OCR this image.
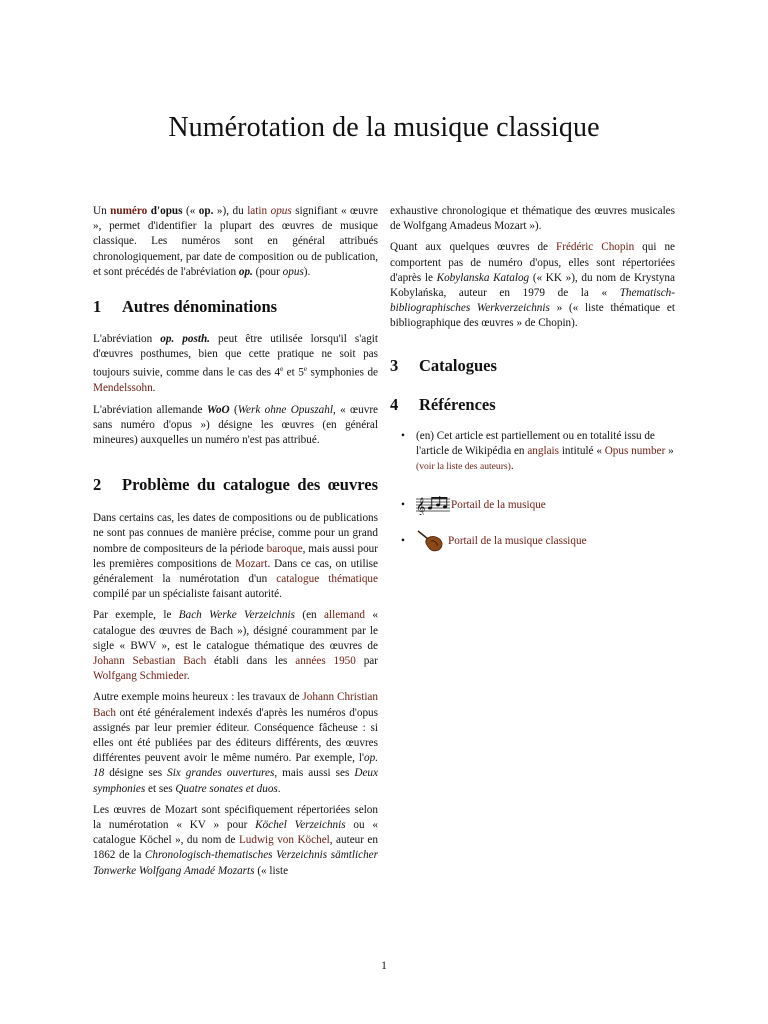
Numérotation de la musique classique

Un numéro d'opus (« op. »), du latin opus signifiant « œuvre », permet d'identifier la plupart des œuvres de musique classique. Les numéros sont en général attribués chronologiquement, par date de composition ou de publication, et sont précédés de l'abréviation op. (pour opus).

1	Autres dénominations

L'abréviation op. posth. peut être utilisée lorsqu'il s'agit d'œuvres posthumes, bien que cette pratique ne soit pas toujours suivie, comme dans le cas des 4e et 5e symphonies de Mendelssohn.

L'abréviation allemande WoO (Werk ohne Opuszahl, « œuvre sans numéro d'opus ») désigne les œuvres (en général mineures) auxquelles un numéro n'est pas attribué.

2	Problème du catalogue des œuvres

Dans certains cas, les dates de compositions ou de publications ne sont pas connues de manière précise, comme pour un grand nombre de compositeurs de la période baroque, mais aussi pour les premières compositions de Mozart. Dans ce cas, on utilise généralement la numérotation d'un catalogue thématique compilé par un spécialiste faisant autorité.

Par exemple, le Bach Werke Verzeichnis (en allemand « catalogue des œuvres de Bach »), désigné couramment par le sigle « BWV », est le catalogue thématique des œuvres de Johann Sebastian Bach établi dans les années 1950 par Wolfgang Schmieder.

Autre exemple moins heureux : les travaux de Johann Christian Bach ont été généralement indexés d'après les numéros d'opus assignés par leur premier éditeur. Conséquence fâcheuse : si elles ont été publiées par des éditeurs différents, des œuvres différentes peuvent avoir le même numéro. Par exemple, l'op. 18 désigne ses Six grandes ouvertures, mais aussi ses Deux symphonies et ses Quatre sonates et duos.

Les œuvres de Mozart sont spécifiquement répertoriées selon la numérotation « KV » pour Köchel Verzeichnis ou « catalogue Köchel », du nom de Ludwig von Köchel, auteur en 1862 de la Chronologisch-thematisches Verzeichnis sämtlicher Tonwerke Wolfgang Amadé Mozarts (« liste

exhaustive chronologique et thématique des œuvres musicales de Wolfgang Amadeus Mozart »).

Quant aux quelques œuvres de Frédéric Chopin qui ne comportent pas de numéro d'opus, elles sont répertoriées d'après le Kobylanska Katalog (« KK »), du nom de Krystyna Kobylańska, auteur en 1979 de la « Thematisch-bibliographisches Werkverzeichnis » (« liste thématique et bibliographique des œuvres » de Chopin).

3	Catalogues
4	Références
• (en) Cet article est partiellement ou en totalité issu de l'article de Wikipédia en anglais intitulé « Opus number » (voir la liste des auteurs).
• 𝄞 Portail de la musique
•	Portail de la musique classique
1
